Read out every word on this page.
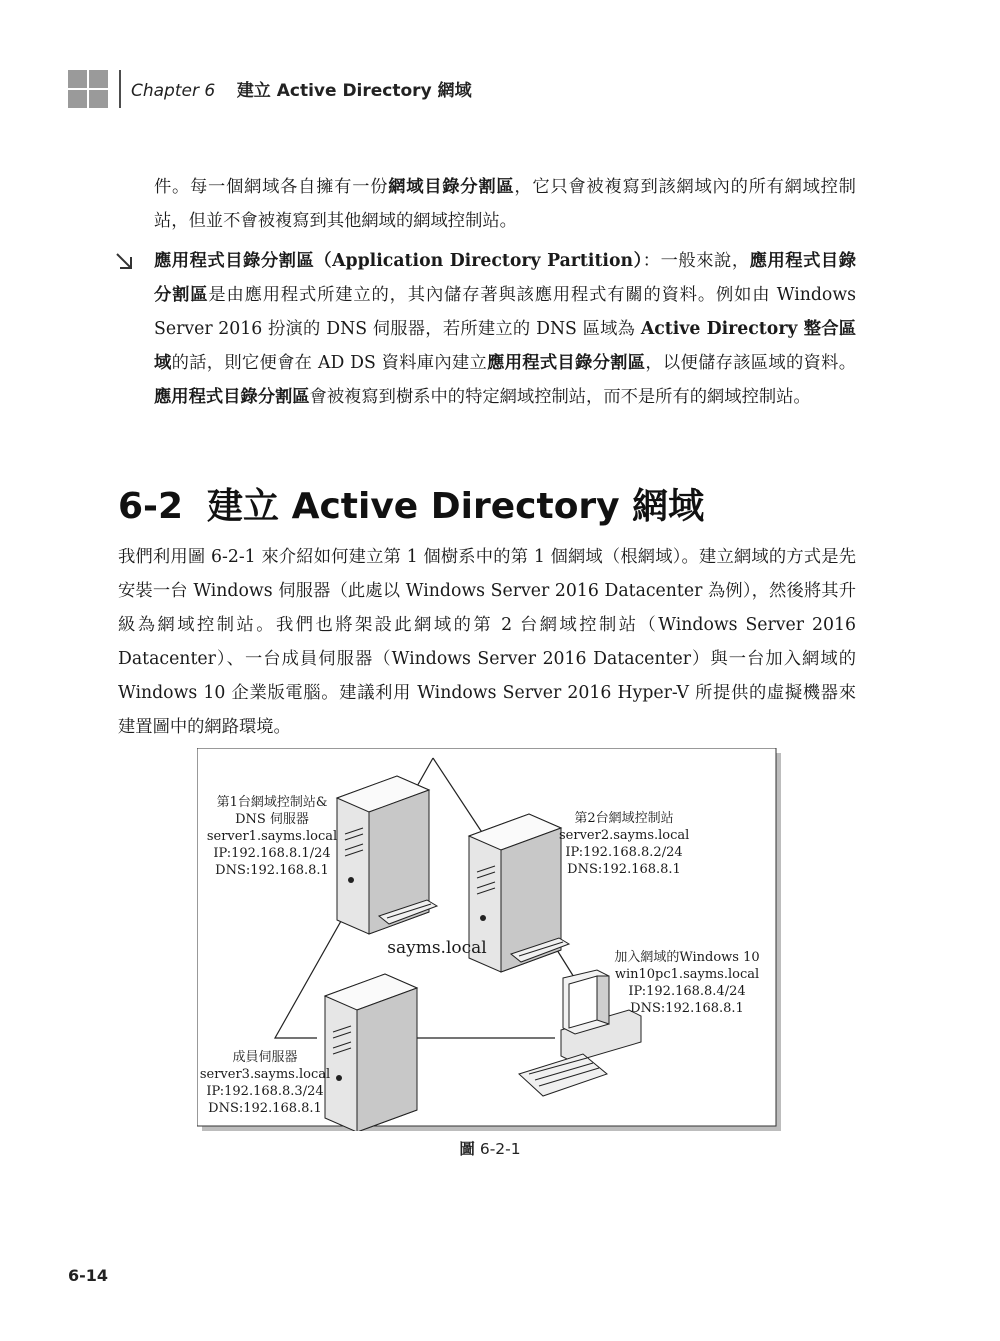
Chapter 6 建立 Active Directory 網域
件。每一個網域各自擁有一份網域目錄分割區，它只會被複寫到該網域內的所有網域控制站，但並不會被複寫到其他網域的網域控制站。
應用程式目錄分割區（Application Directory Partition）：一般來說，應用程式目錄分割區是由應用程式所建立的，其內儲存著與該應用程式有關的資料。例如由 Windows Server 2016 扮演的 DNS 伺服器，若所建立的 DNS 區域為 Active Directory 整合區域的話，則它便會在 AD DS 資料庫內建立應用程式目錄分割區，以便儲存該區域的資料。應用程式目錄分割區會被複寫到樹系中的特定網域控制站，而不是所有的網域控制站。
6-2 建立 Active Directory 網域
我們利用圖 6-2-1 來介紹如何建立第 1 個樹系中的第 1 個網域（根網域）。建立網域的方式是先安裝一台 Windows 伺服器（此處以 Windows Server 2016 Datacenter 為例），然後將其升級為網域控制站。我們也將架設此網域的第 2 台網域控制站（Windows Server 2016 Datacenter）、一台成員伺服器（Windows Server 2016 Datacenter）與一台加入網域的 Windows 10 企業版電腦。建議利用 Windows Server 2016 Hyper-V 所提供的虛擬機器來建置圖中的網路環境。
sayms.local
第1台網域控制站&
DNS 伺服器
server1.sayms.local
IP:192.168.8.1/24
DNS:192.168.8.1
第2台網域控制站
server2.sayms.local
IP:192.168.8.2/24
DNS:192.168.8.1
加入網域的Windows 10
win10pc1.sayms.local
IP:192.168.8.4/24
DNS:192.168.8.1
成員伺服器
server3.sayms.local
IP:192.168.8.3/24
DNS:192.168.8.1
圖 6-2-1
6-14
